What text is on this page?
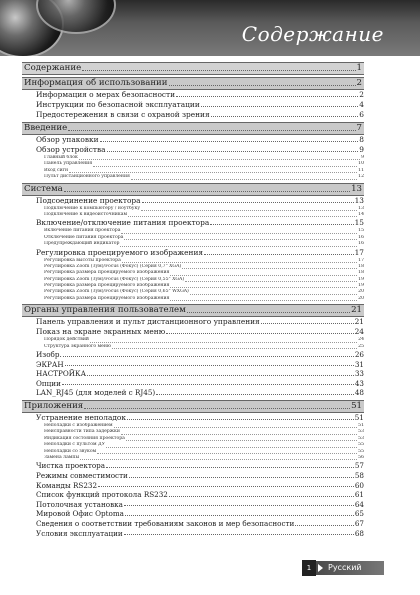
Содержание
Содержание	1
Информация об использовании	2
Информация о мерах безопасности	2
Инструкции по безопасной эксплуатации	4
Предостережения в связи с охраной зрения	6
Введение	7
Обзор упаковки	8
Обзор устройства	9
Главный блок	9
Панель управления	10
Вход сигн	11
Пульт дистанционного управления	12
Система	13
Подсоединение проектора	13
Подключение к компьютеру / ноутбуку	13
Подключение к видеоисточникам	14
Включение/отключение питания проектора	15
Включение питания проектора	15
Отключение питания проектора	16
Предупреждающий индикатор	16
Регулировка проецируемого изображения	17
Регулировка высоты проектора	17
Регулировка Zoom (Зум)/Focus (Фокус) (Серия 0,7" XGA)	18
Регулировка размера проецируемого изображения	18
Регулировка Zoom (Зум)/Focus (Фокус) (Серия 0,55" XGA)	19
Регулировка размера проецируемого изображения	19
Регулировка Zoom (Зум)/Focus (Фокус) (Серия 0,65" WXGA)	20
Регулировка размера проецируемого изображения	20
Органы управления пользователем	21
Панель управления и пульт дистанционного управления	21
Показ на экране экранных меню	24
Порядок действий	24
Структура экранного меню	25
Изобр.	26
ЭКРАН	31
НАСТРОЙКА	33
Опции	43
LAN_RJ45 (для моделей с RJ45)	48
Приложения	51
Устранение неполадок	51
Неполадки с изображением	51
Неисправности типа задержки	53
Индикация состояния проектора	53
Неполадки с пультом ДУ	55
Неполадки со звуком	55
Замена лампы	56
Чистка проектора	57
Режимы совместимости	58
Команды RS232	60
Список функций протокола RS232	61
Потолочная установка	64
Мировой Офис Optoma	65
Сведения о соответствии требованиям законов и мер безопасности	67
Условия эксплуатации	68
1	Русский
